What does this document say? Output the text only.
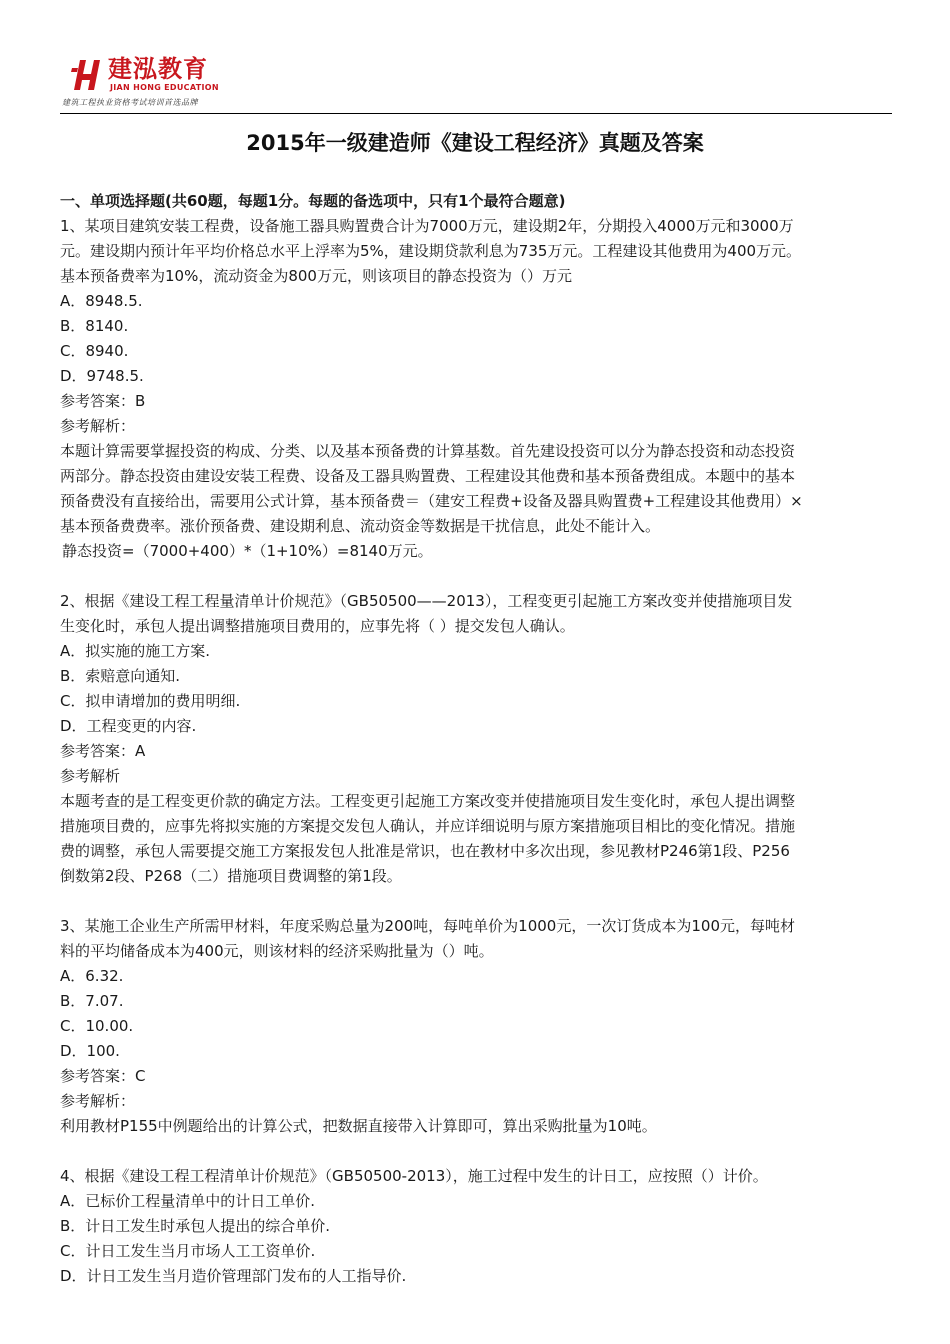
建泓教育
JIAN HONG EDUCATION
建筑工程执业资格考试培训首选品牌
2015年一级建造师《建设工程经济》真题及答案

一、单项选择题(共60题，每题1分。每题的备选项中，只有1个最符合题意)

1、某项目建筑安装工程费，设备施工器具购置费合计为7000万元，建设期2年，分期投入4000万元和3000万

元。建设期内预计年平均价格总水平上浮率为5%，建设期贷款利息为735万元。工程建设其他费用为400万元。

基本预备费率为10%，流动资金为800万元，则该项目的静态投资为（）万元

A．8948.5.

B．8140.

C．8940.

D．9748.5.

参考答案：B

参考解析：

本题计算需要掌握投资的构成、分类、以及基本预备费的计算基数。首先建设投资可以分为静态投资和动态投资

两部分。静态投资由建设安装工程费、设备及工器具购置费、工程建设其他费和基本预备费组成。本题中的基本

预备费没有直接给出，需要用公式计算，基本预备费＝（建安工程费+设备及器具购置费+工程建设其他费用）×

基本预备费费率。涨价预备费、建设期利息、流动资金等数据是干扰信息，此处不能计入。

静态投资=（7000+400）*（1+10%）=8140万元。

2、根据《建设工程工程量清单计价规范》（GB50500——2013），工程变更引起施工方案改变并使措施项目发

生变化时，承包人提出调整措施项目费用的，应事先将（ ）提交发包人确认。

A．拟实施的施工方案.

B．索赔意向通知.

C．拟申请增加的费用明细.

D．工程变更的内容.

参考答案：A

参考解析

本题考查的是工程变更价款的确定方法。工程变更引起施工方案改变并使措施项目发生变化时，承包人提出调整

措施项目费的，应事先将拟实施的方案提交发包人确认，并应详细说明与原方案措施项目相比的变化情况。措施

费的调整，承包人需要提交施工方案报发包人批准是常识，也在教材中多次出现，参见教材P246第1段、P256

倒数第2段、P268（二）措施项目费调整的第1段。

3、某施工企业生产所需甲材料，年度采购总量为200吨，每吨单价为1000元，一次订货成本为100元，每吨材

料的平均储备成本为400元，则该材料的经济采购批量为（）吨。

A．6.32.

B．7.07.

C．10.00.

D．100.

参考答案：C

参考解析：

利用教材P155中例题给出的计算公式，把数据直接带入计算即可，算出采购批量为10吨。

4、根据《建设工程工程清单计价规范》（GB50500-2013），施工过程中发生的计日工，应按照（）计价。

A．已标价工程量清单中的计日工单价.

B．计日工发生时承包人提出的综合单价.

C．计日工发生当月市场人工工资单价.

D．计日工发生当月造价管理部门发布的人工指导价.
